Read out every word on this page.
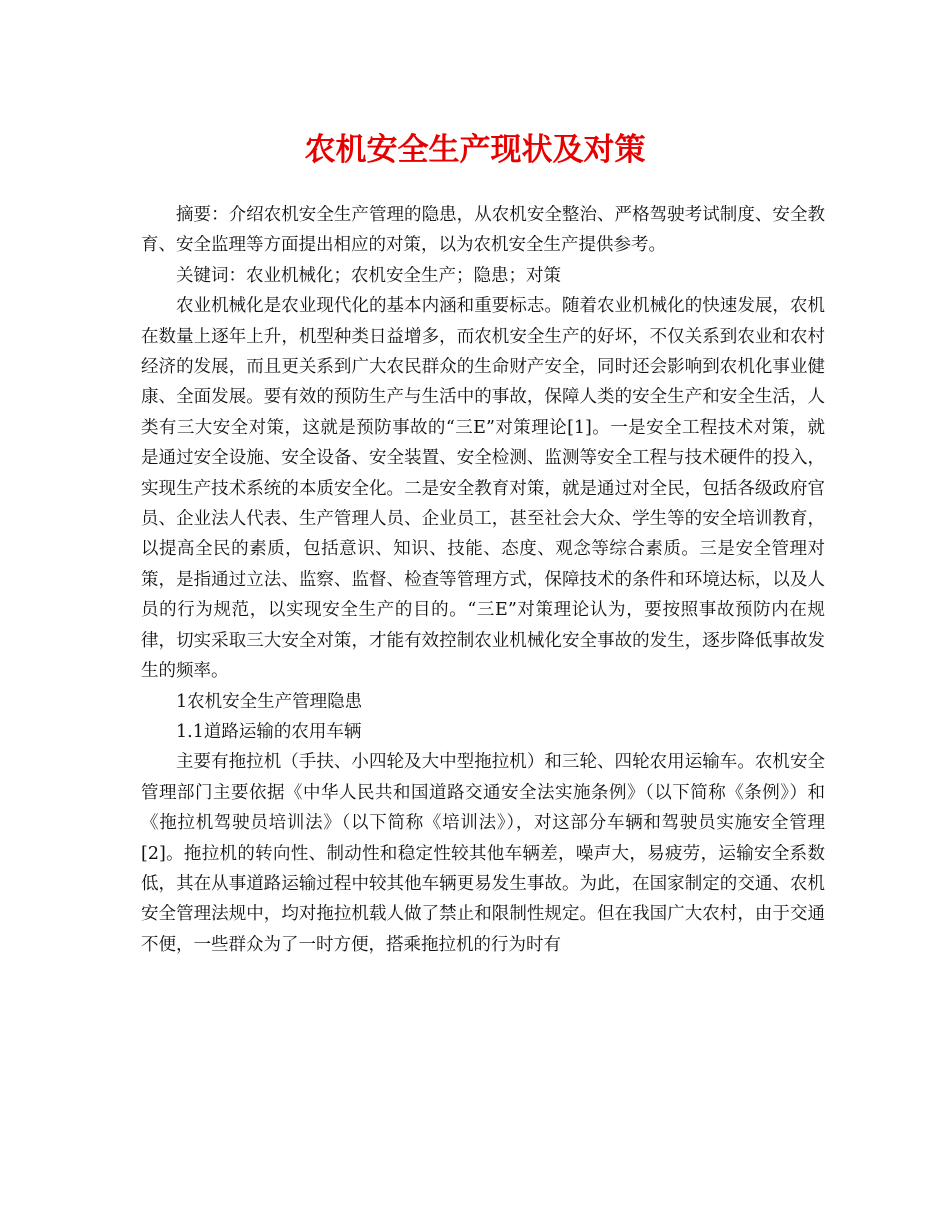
农机安全生产现状及对策

摘要：介绍农机安全生产管理的隐患，从农机安全整治、严格驾驶考试制度、安全教育、安全监理等方面提出相应的对策，以为农机安全生产提供参考。

关键词：农业机械化；农机安全生产；隐患；对策

农业机械化是农业现代化的基本内涵和重要标志。随着农业机械化的快速发展，农机在数量上逐年上升，机型种类日益增多，而农机安全生产的好坏，不仅关系到农业和农村经济的发展，而且更关系到广大农民群众的生命财产安全，同时还会影响到农机化事业健康、全面发展。要有效的预防生产与生活中的事故，保障人类的安全生产和安全生活，人类有三大安全对策，这就是预防事故的“三E”对策理论[1]。一是安全工程技术对策，就是通过安全设施、安全设备、安全装置、安全检测、监测等安全工程与技术硬件的投入，实现生产技术系统的本质安全化。二是安全教育对策，就是通过对全民，包括各级政府官员、企业法人代表、生产管理人员、企业员工，甚至社会大众、学生等的安全培训教育，以提高全民的素质，包括意识、知识、技能、态度、观念等综合素质。三是安全管理对策，是指通过立法、监察、监督、检查等管理方式，保障技术的条件和环境达标，以及人员的行为规范，以实现安全生产的目的。“三E”对策理论认为，要按照事故预防内在规律，切实采取三大安全对策，才能有效控制农业机械化安全事故的发生，逐步降低事故发生的频率。

1农机安全生产管理隐患

1.1道路运输的农用车辆

主要有拖拉机（手扶、小四轮及大中型拖拉机）和三轮、四轮农用运输车。农机安全管理部门主要依据《中华人民共和国道路交通安全法实施条例》（以下简称《条例》）和《拖拉机驾驶员培训法》（以下简称《培训法》），对这部分车辆和驾驶员实施安全管理[2]。拖拉机的转向性、制动性和稳定性较其他车辆差，噪声大，易疲劳，运输安全系数低，其在从事道路运输过程中较其他车辆更易发生事故。为此，在国家制定的交通、农机安全管理法规中，均对拖拉机载人做了禁止和限制性规定。但在我国广大农村，由于交通不便，一些群众为了一时方便，搭乘拖拉机的行为时有
